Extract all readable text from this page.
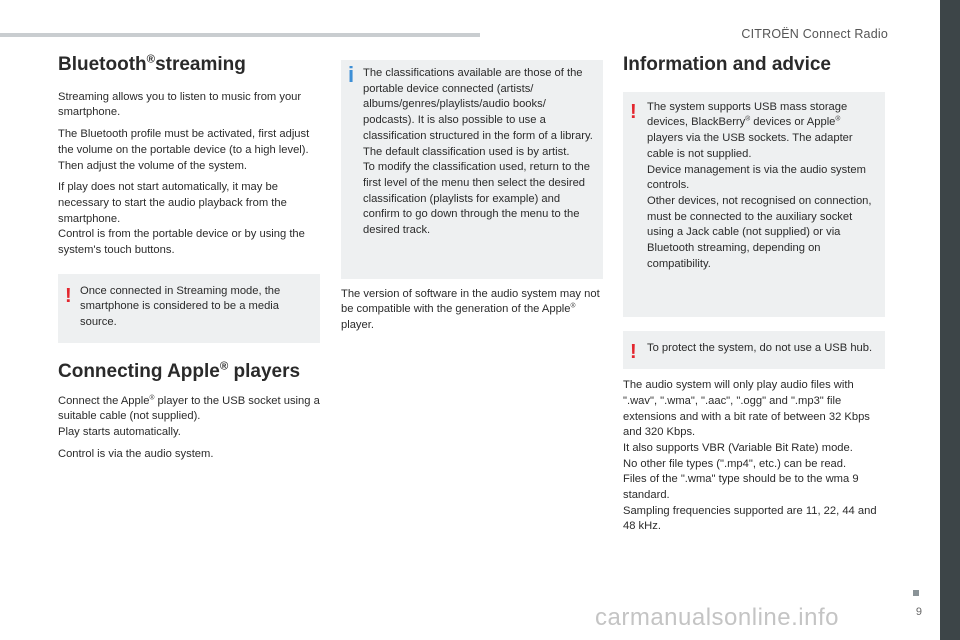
CITROËN Connect Radio
Bluetooth®streaming

Streaming allows you to listen to music from your smartphone.

The Bluetooth profile must be activated, first adjust the volume on the portable device (to a high level).

Then adjust the volume of the system.

If play does not start automatically, it may be necessary to start the audio playback from the smartphone.

Control is from the portable device or by using the system's touch buttons.

! Once connected in Streaming mode, the smartphone is considered to be a media source.

Connecting Apple® players

Connect the Apple® player to the USB socket using a suitable cable (not supplied).

Play starts automatically.

Control is via the audio system.

i The classifications available are those of the portable device connected (artists/ albums/genres/playlists/audio books/ podcasts). It is also possible to use a classification structured in the form of a library.

The default classification used is by artist.

To modify the classification used, return to the first level of the menu then select the desired classification (playlists for example) and confirm to go down through the menu to the desired track.

The version of software in the audio system may not be compatible with the generation of the Apple® player.

Information and advice
! The system supports USB mass storage devices, BlackBerry® devices or Apple® players via the USB sockets. The adapter cable is not supplied.

Device management is via the audio system controls.

Other devices, not recognised on connection, must be connected to the auxiliary socket using a Jack cable (not supplied) or via Bluetooth streaming, depending on compatibility.

! To protect the system, do not use a USB hub.

The audio system will only play audio files with ".wav", ".wma", ".aac", ".ogg" and ".mp3" file extensions and with a bit rate of between 32 Kbps and 320 Kbps.

It also supports VBR (Variable Bit Rate) mode.

No other file types (".mp4", etc.) can be read.

Files of the ".wma" type should be to the wma 9 standard.

Sampling frequencies supported are 11, 22, 44 and 48 kHz.

carmanualsonline.info	9
